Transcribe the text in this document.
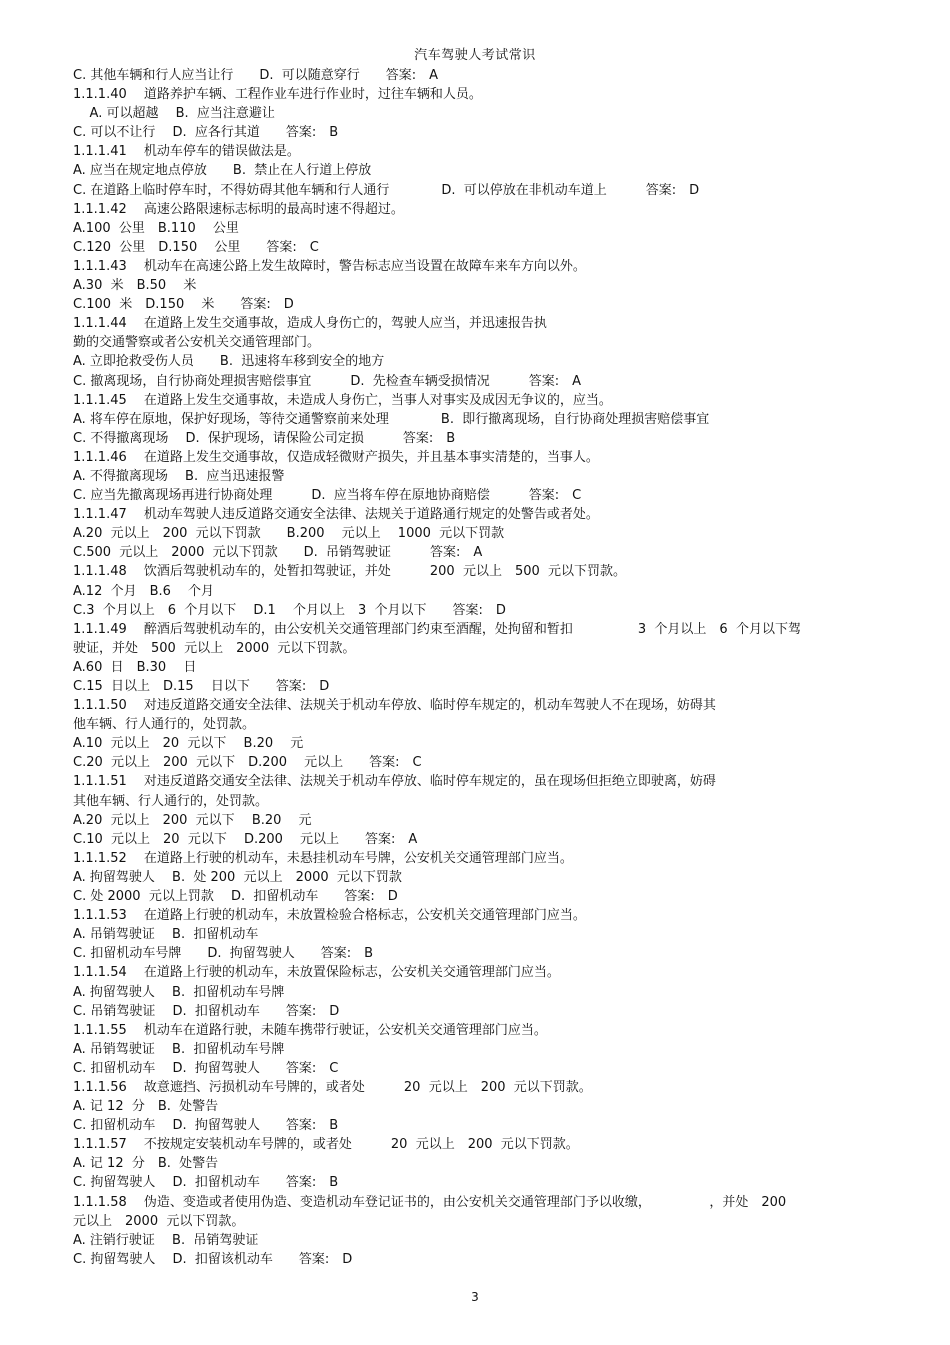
汽车驾驶人考试常识
C. 其他车辆和行人应当让行　　D.  可以随意穿行　　答案:　A
1.1.1.40　 道路养护车辆、工程作业车进行作业时，过往车辆和人员。
A. 可以超越　 B.  应当注意避让
C. 可以不让行　 D.  应各行其道　　答案:　B
1.1.1.41　 机动车停车的错误做法是。
A. 应当在规定地点停放　　B.  禁止在人行道上停放
C. 在道路上临时停车时，不得妨碍其他车辆和行人通行　　　　D.  可以停放在非机动车道上　　　答案:　D
1.1.1.42　 高速公路限速标志标明的最高时速不得超过。
A.100  公里　B.110　 公里
C.120  公里　D.150　 公里　　答案:　C
1.1.1.43　 机动车在高速公路上发生故障时，警告标志应当设置在故障车来车方向以外。
A.30  米　B.50　 米
C.100  米　D.150　 米　　答案:　D
1.1.1.44　 在道路上发生交通事故，造成人身伤亡的，驾驶人应当，并迅速报告执
勤的交通警察或者公安机关交通管理部门。
A. 立即抢救受伤人员　　B.  迅速将车移到安全的地方
C. 撤离现场，自行协商处理损害赔偿事宜　　　D.  先检查车辆受损情况　　　答案:　A
1.1.1.45　 在道路上发生交通事故，未造成人身伤亡，当事人对事实及成因无争议的，应当。
A. 将车停在原地，保护好现场，等待交通警察前来处理　　　　B.  即行撤离现场，自行协商处理损害赔偿事宜
C. 不得撤离现场　 D.  保护现场，请保险公司定损　　　答案:　B
1.1.1.46　 在道路上发生交通事故，仅造成轻微财产损失，并且基本事实清楚的，当事人。
A. 不得撤离现场　 B.  应当迅速报警
C. 应当先撤离现场再进行协商处理　　　D.  应当将车停在原地协商赔偿　　　答案:　C
1.1.1.47　 机动车驾驶人违反道路交通安全法律、法规关于道路通行规定的处警告或者处。
A.20  元以上　200  元以下罚款　　B.200　 元以上　 1000  元以下罚款
C.500  元以上　2000  元以下罚款　　D.  吊销驾驶证　　　答案:　A
1.1.1.48　 饮酒后驾驶机动车的，处暂扣驾驶证，并处　　　200  元以上　500  元以下罚款。
A.12  个月　B.6　 个月
C.3  个月以上　6  个月以下　 D.1　 个月以上　3  个月以下　　答案:　D
1.1.1.49　 醉酒后驾驶机动车的，由公安机关交通管理部门约束至酒醒，处拘留和暂扣　　　　　3  个月以上　6  个月以下驾
驶证，并处　500  元以上　2000  元以下罚款。
A.60  日　B.30　 日
C.15  日以上　D.15　 日以下　　答案:　D
1.1.1.50　 对违反道路交通安全法律、法规关于机动车停放、临时停车规定的，机动车驾驶人不在现场，妨碍其
他车辆、行人通行的，处罚款。
A.10  元以上　20  元以下　 B.20　 元
C.20  元以上　200  元以下　D.200　 元以上　　答案:　C
1.1.1.51　 对违反道路交通安全法律、法规关于机动车停放、临时停车规定的，虽在现场但拒绝立即驶离，妨碍
其他车辆、行人通行的，处罚款。
A.20  元以上　200  元以下　 B.20　 元
C.10  元以上　20  元以下　 D.200　 元以上　　答案:　A
1.1.1.52　 在道路上行驶的机动车，未悬挂机动车号牌，公安机关交通管理部门应当。
A. 拘留驾驶人　 B.  处 200  元以上　2000  元以下罚款
C. 处 2000  元以上罚款　 D.  扣留机动车　　答案:　D
1.1.1.53　 在道路上行驶的机动车，未放置检验合格标志，公安机关交通管理部门应当。
A. 吊销驾驶证　 B.  扣留机动车
C. 扣留机动车号牌　　D.  拘留驾驶人　　答案:　B
1.1.1.54　 在道路上行驶的机动车，未放置保险标志，公安机关交通管理部门应当。
A. 拘留驾驶人　 B.  扣留机动车号牌
C. 吊销驾驶证　 D.  扣留机动车　　答案:　D
1.1.1.55　 机动车在道路行驶，未随车携带行驶证，公安机关交通管理部门应当。
A. 吊销驾驶证　 B.  扣留机动车号牌
C. 扣留机动车　 D.  拘留驾驶人　　答案:　C
1.1.1.56　 故意遮挡、污损机动车号牌的，或者处　　　20  元以上　200  元以下罚款。
A. 记 12  分　B.  处警告
C. 扣留机动车　 D.  拘留驾驶人　　答案:　B
1.1.1.57　 不按规定安装机动车号牌的，或者处　　　20  元以上　200  元以下罚款。
A. 记 12  分　B.  处警告
C. 拘留驾驶人　 D.  扣留机动车　　答案:　B
1.1.1.58　 伪造、变造或者使用伪造、变造机动车登记证书的，由公安机关交通管理部门予以收缴，　　　　　，并处　200
元以上　2000  元以下罚款。
A. 注销行驶证　 B.  吊销驾驶证
C. 拘留驾驶人　 D.  扣留该机动车　　答案:　D
3
